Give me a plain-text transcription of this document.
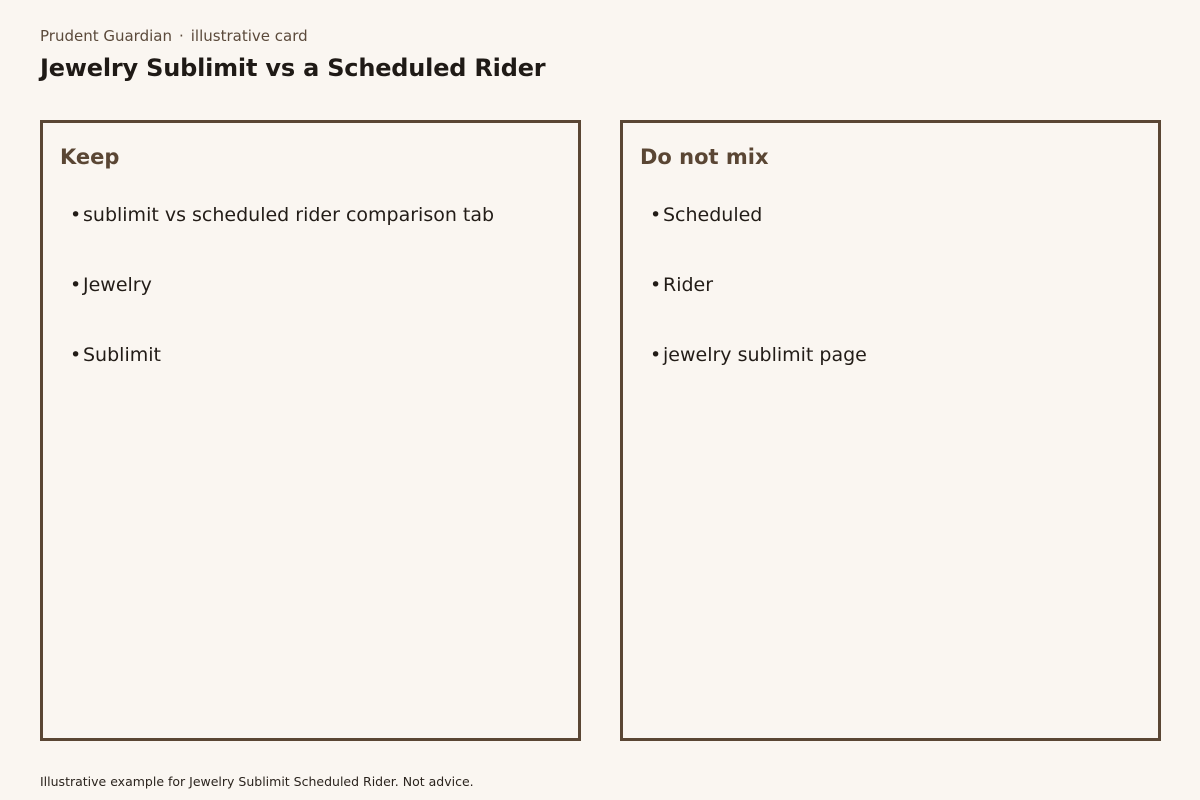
Prudent Guardian · illustrative card
Jewelry Sublimit vs a Scheduled Rider
Keep
•sublimit vs scheduled rider comparison tab
•Jewelry
•Sublimit
Do not mix
•Scheduled
•Rider
•jewelry sublimit page
Illustrative example for Jewelry Sublimit Scheduled Rider. Not advice.
